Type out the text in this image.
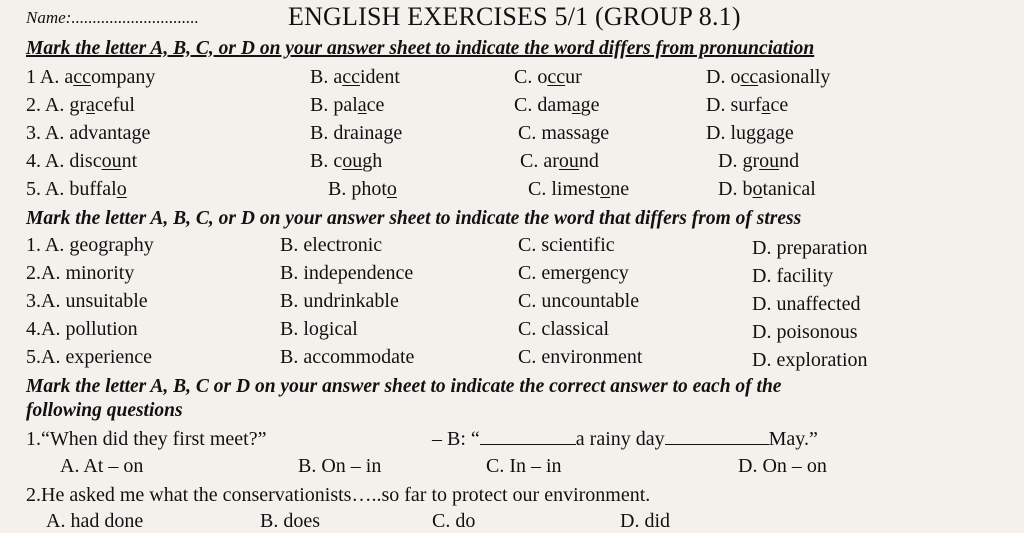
Name:..............................	ENGLISH EXERCISES 5/1 (GROUP 8.1)
Mark the letter A, B, C, or D on your answer sheet to indicate the word differs from pronunciation
1 A. accompany	B. accident	C. occur	D. occasionally
2. A. graceful	B. palace	C. damage	D. surface
3. A. advantage	B. drainage	C. massage	D. luggage
4. A. discount	B. cough	C. around	D. ground
5. A. buffalo	B. photo	C. limestone	D. botanical
Mark the letter A, B, C, or D on your answer sheet to indicate the word that differs from of stress
1. A. geography	B. electronic	C. scientific	D. preparation
2.A. minority	B. independence	C. emergency	D. facility
3.A. unsuitable	B. undrinkable	C. uncountable	D. unaffected
4.A. pollution	B. logical	C. classical	D. poisonous
5.A. experience	B. accommodate	C. environment	D. exploration
Mark the letter A, B, C or D on your answer sheet to indicate the correct answer to each of the
following questions
1.“When did they first meet?”	– B: “	a rainy day	May.”
A. At – on	B. On – in	C. In – in	D. On – on
2.He asked me what the conservationists…..so far to protect our environment.
A. had done	B. does	C. do	D. did
